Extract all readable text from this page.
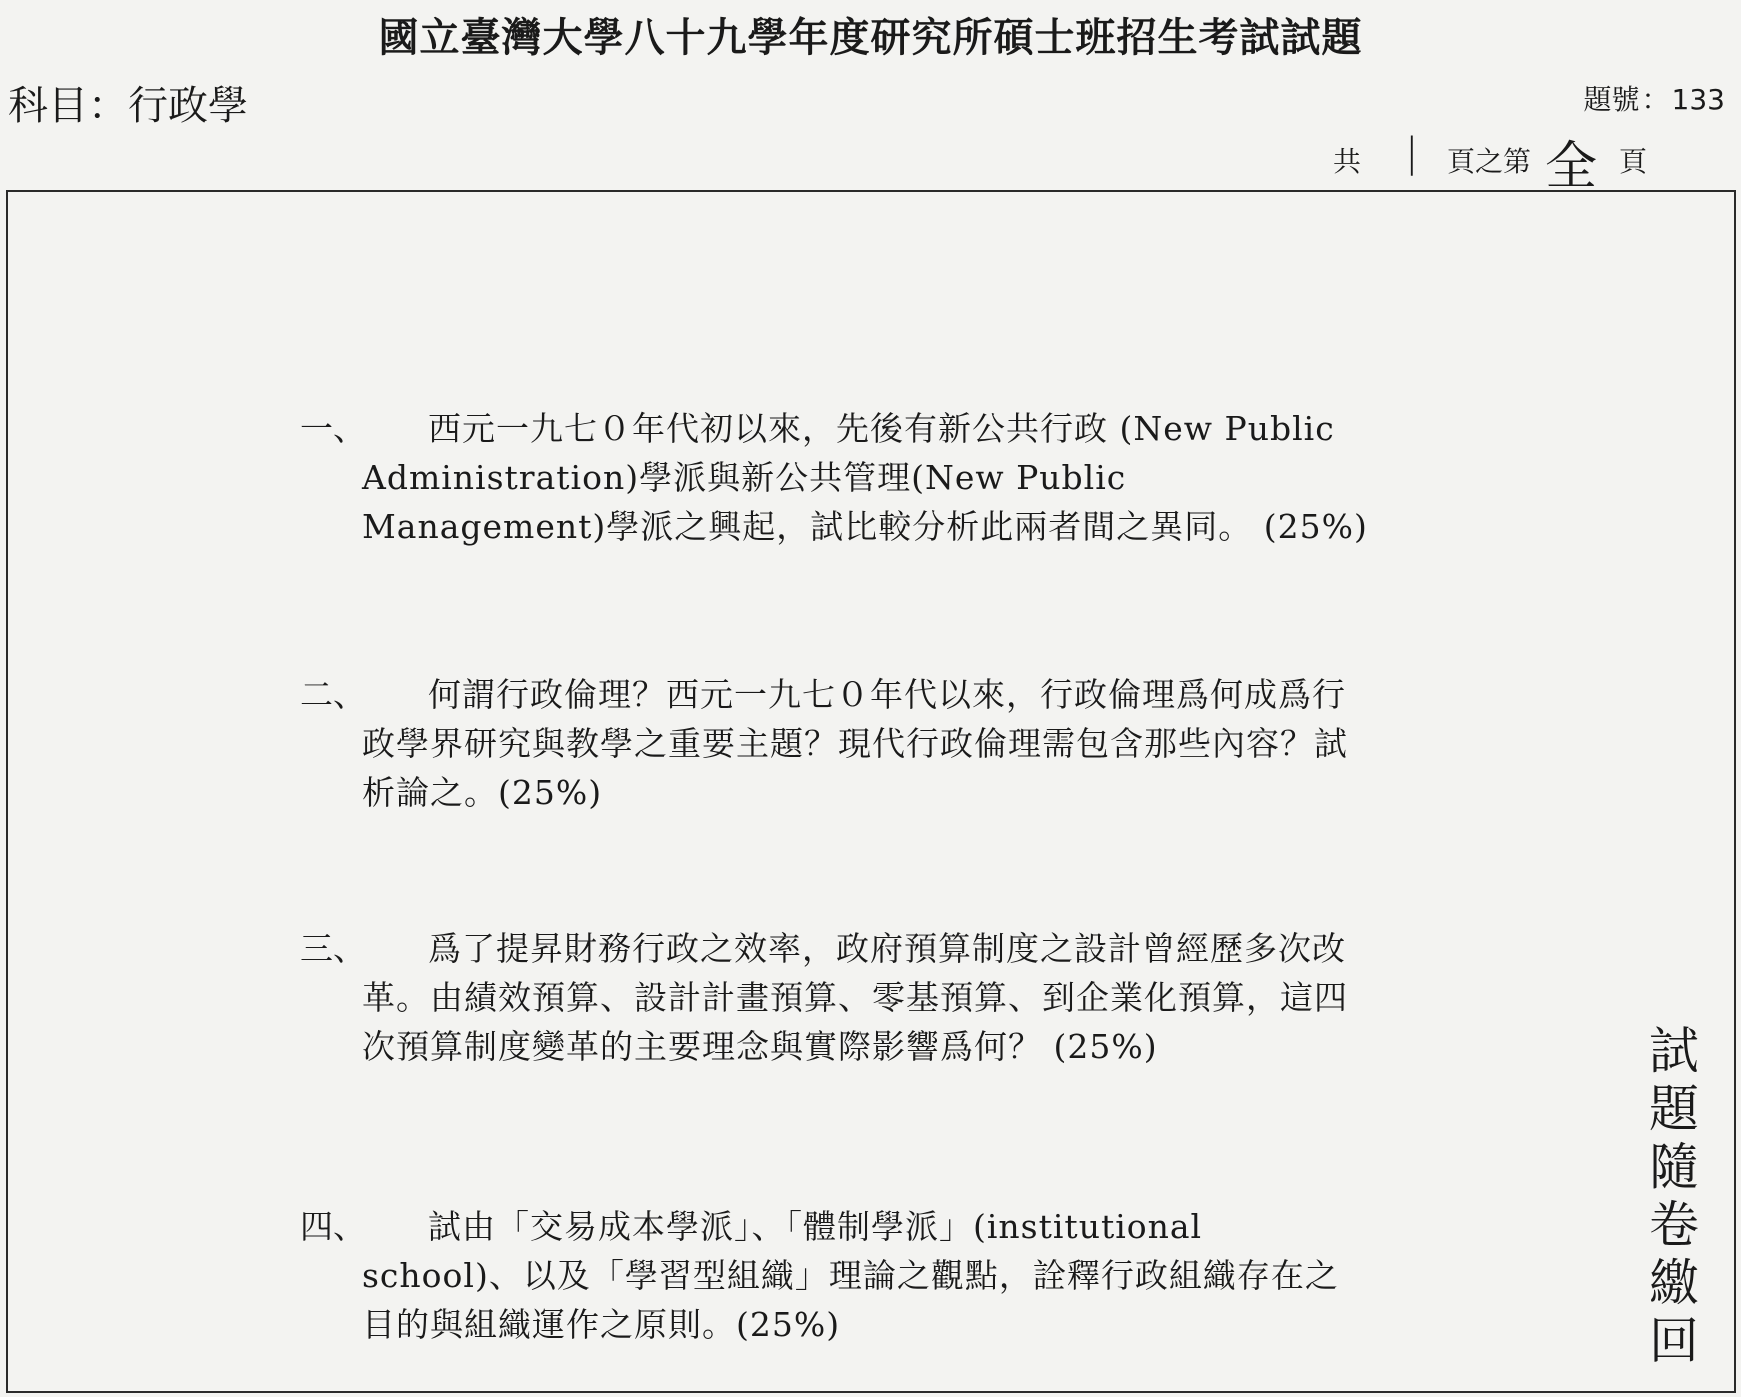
國立臺灣大學八十九學年度研究所碩士班招生考試試題
科目：行政學	題號：133
共 | 頁之第 全 頁
一、	西元一九七０年代初以來，先後有新公共行政 (New Public Administration)學派與新公共管理(New Public Management)學派之興起，試比較分析此兩者間之異同。 (25%)
二、	何謂行政倫理？西元一九七０年代以來，行政倫理爲何成爲行政學界研究與教學之重要主題？現代行政倫理需包含那些內容？試析論之。(25%)
三、	爲了提昇財務行政之效率，政府預算制度之設計曾經歷多次改革。由績效預算、設計計畫預算、零基預算、到企業化預算，這四次預算制度變革的主要理念與實際影響爲何？ (25%)
四、	試由「交易成本學派」、「體制學派」(institutional school)、以及「學習型組織」理論之觀點，詮釋行政組織存在之目的與組織運作之原則。(25%)
試題隨卷繳回
